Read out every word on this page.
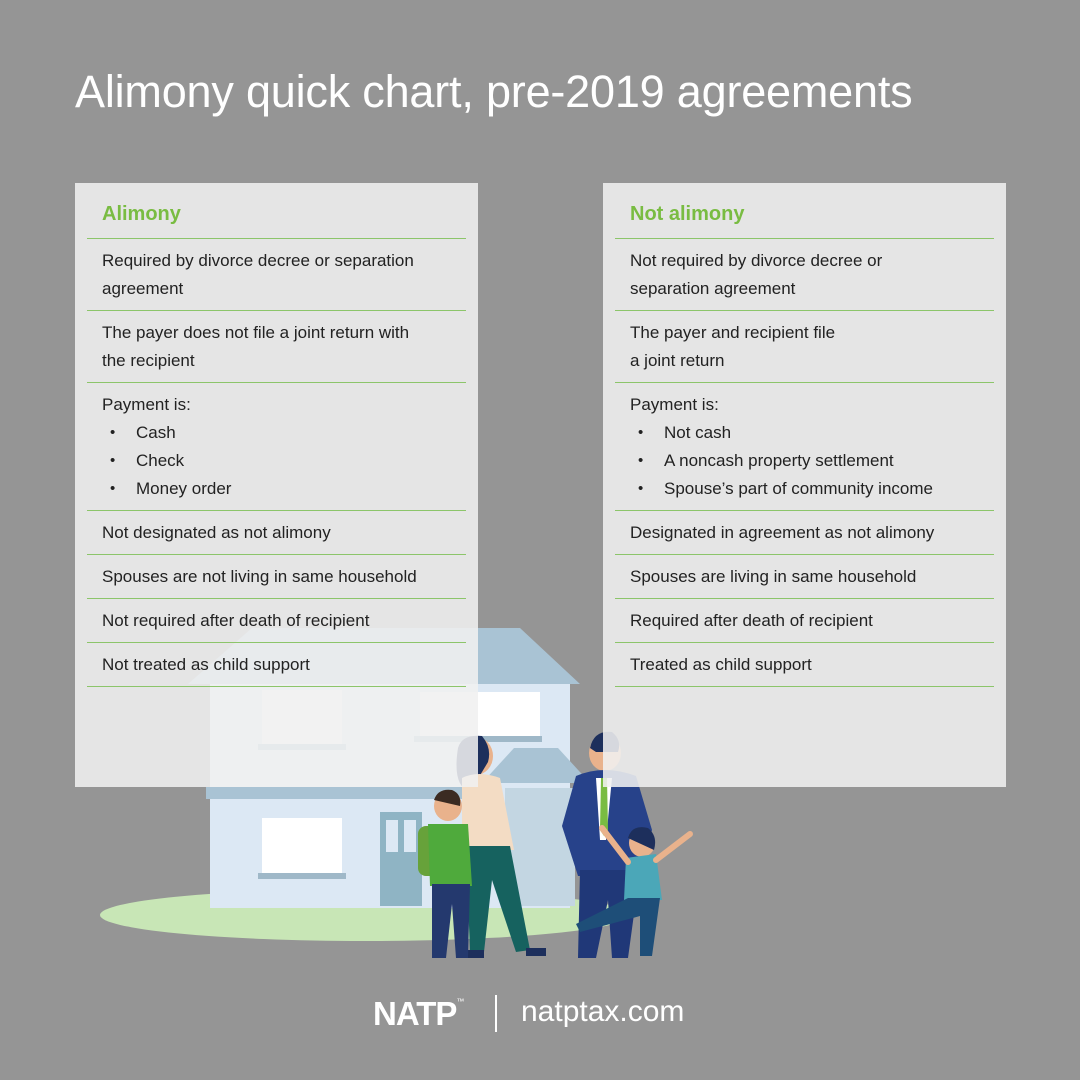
Alimony quick chart, pre-2019 agreements
Alimony
Required by divorce decree or separation
agreement
The payer does not file a joint return with
the recipient
Payment is:
• Cash
• Check
• Money order
Not designated as not alimony
Spouses are not living in same household
Not required after death of recipient
Not treated as child support
Not alimony
Not required by divorce decree or
separation agreement
The payer and recipient file
a joint return
Payment is:
• Not cash
• A noncash property settlement
• Spouse’s part of community income
Designated in agreement as not alimony
Spouses are living in same household
Required after death of recipient
Treated as child support
NATP™ natptax.com
